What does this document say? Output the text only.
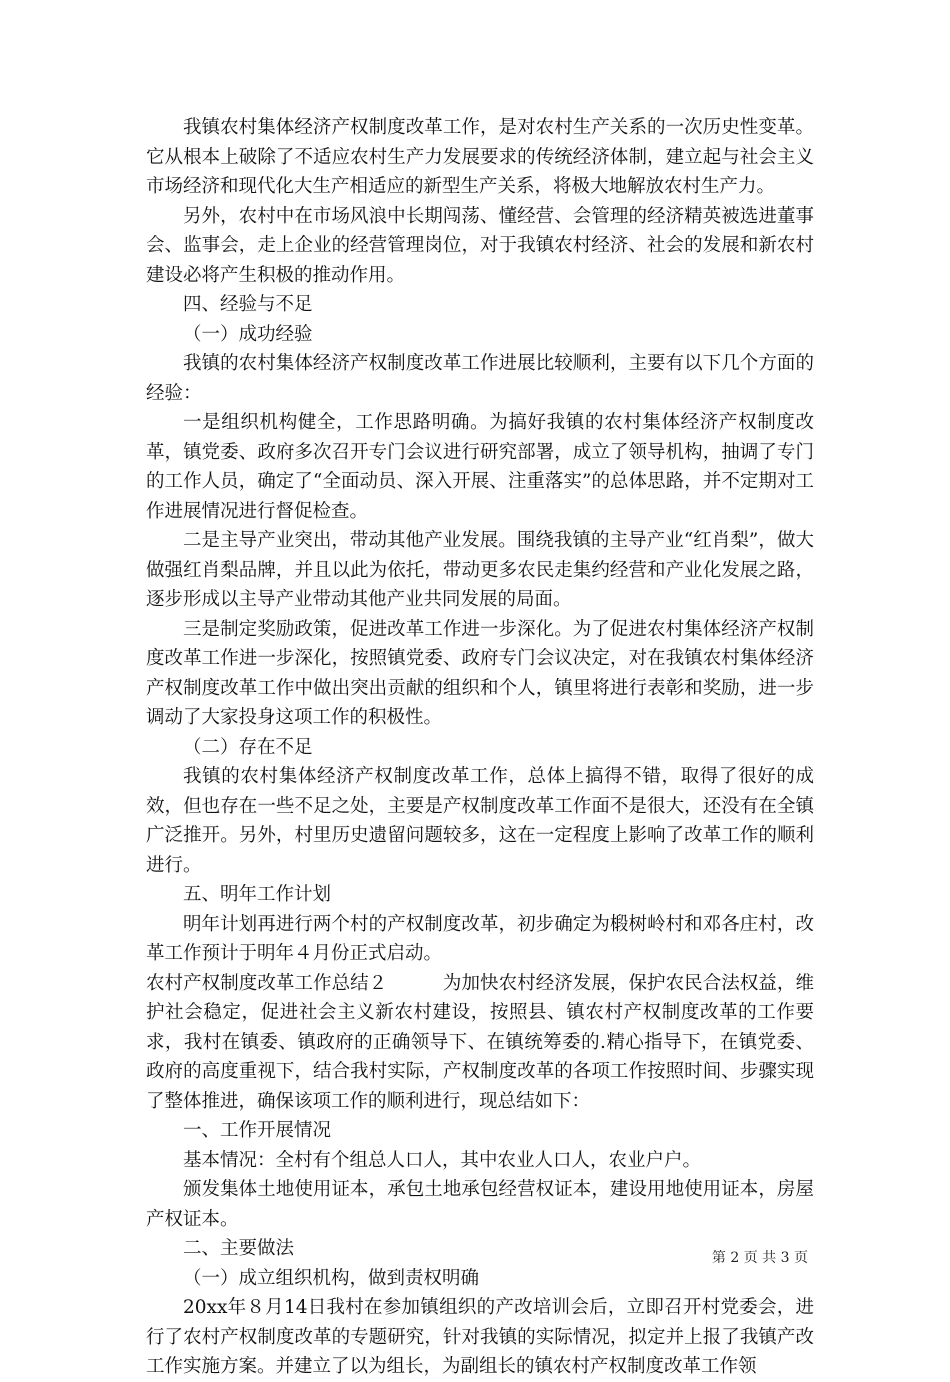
我镇农村集体经济产权制度改革工作，是对农村生产关系的一次历史性变革。它从根本上破除了不适应农村生产力发展要求的传统经济体制，建立起与社会主义市场经济和现代化大生产相适应的新型生产关系，将极大地解放农村生产力。

另外，农村中在市场风浪中长期闯荡、懂经营、会管理的经济精英被选进董事会、监事会，走上企业的经营管理岗位，对于我镇农村经济、社会的发展和新农村建设必将产生积极的推动作用。

四、经验与不足

（一）成功经验

我镇的农村集体经济产权制度改革工作进展比较顺利，主要有以下几个方面的经验：

一是组织机构健全，工作思路明确。为搞好我镇的农村集体经济产权制度改革，镇党委、政府多次召开专门会议进行研究部署，成立了领导机构，抽调了专门的工作人员，确定了“全面动员、深入开展、注重落实”的总体思路，并不定期对工作进展情况进行督促检查。

二是主导产业突出，带动其他产业发展。围绕我镇的主导产业“红肖梨”，做大做强红肖梨品牌，并且以此为依托，带动更多农民走集约经营和产业化发展之路，逐步形成以主导产业带动其他产业共同发展的局面。

三是制定奖励政策，促进改革工作进一步深化。为了促进农村集体经济产权制度改革工作进一步深化，按照镇党委、政府专门会议决定，对在我镇农村集体经济产权制度改革工作中做出突出贡献的组织和个人，镇里将进行表彰和奖励，进一步调动了大家投身这项工作的积极性。

（二）存在不足

我镇的农村集体经济产权制度改革工作，总体上搞得不错，取得了很好的成效，但也存在一些不足之处，主要是产权制度改革工作面不是很大，还没有在全镇广泛推开。另外，村里历史遗留问题较多，这在一定程度上影响了改革工作的顺利进行。

五、明年工作计划

明年计划再进行两个村的产权制度改革，初步确定为椴树岭村和邓各庄村，改革工作预计于明年４月份正式启动。

农村产权制度改革工作总结２　　　为加快农村经济发展，保护农民合法权益，维护社会稳定，促进社会主义新农村建设，按照县、镇农村产权制度改革的工作要求，我村在镇委、镇政府的正确领导下、在镇统筹委的.精心指导下，在镇党委、政府的高度重视下，结合我村实际，产权制度改革的各项工作按照时间、步骤实现了整体推进，确保该项工作的顺利进行，现总结如下：

一、工作开展情况

基本情况：全村有个组总人口人，其中农业人口人，农业户户。

颁发集体土地使用证本，承包土地承包经营权证本，建设用地使用证本，房屋产权证本。

二、主要做法

（一）成立组织机构，做到责权明确

20xx年８月14日我村在参加镇组织的产改培训会后，立即召开村党委会，进行了农村产权制度改革的专题研究，针对我镇的实际情况，拟定并上报了我镇产改工作实施方案。并建立了以为组长，为副组长的镇农村产权制度改革工作领

第 2 页 共 3 页
